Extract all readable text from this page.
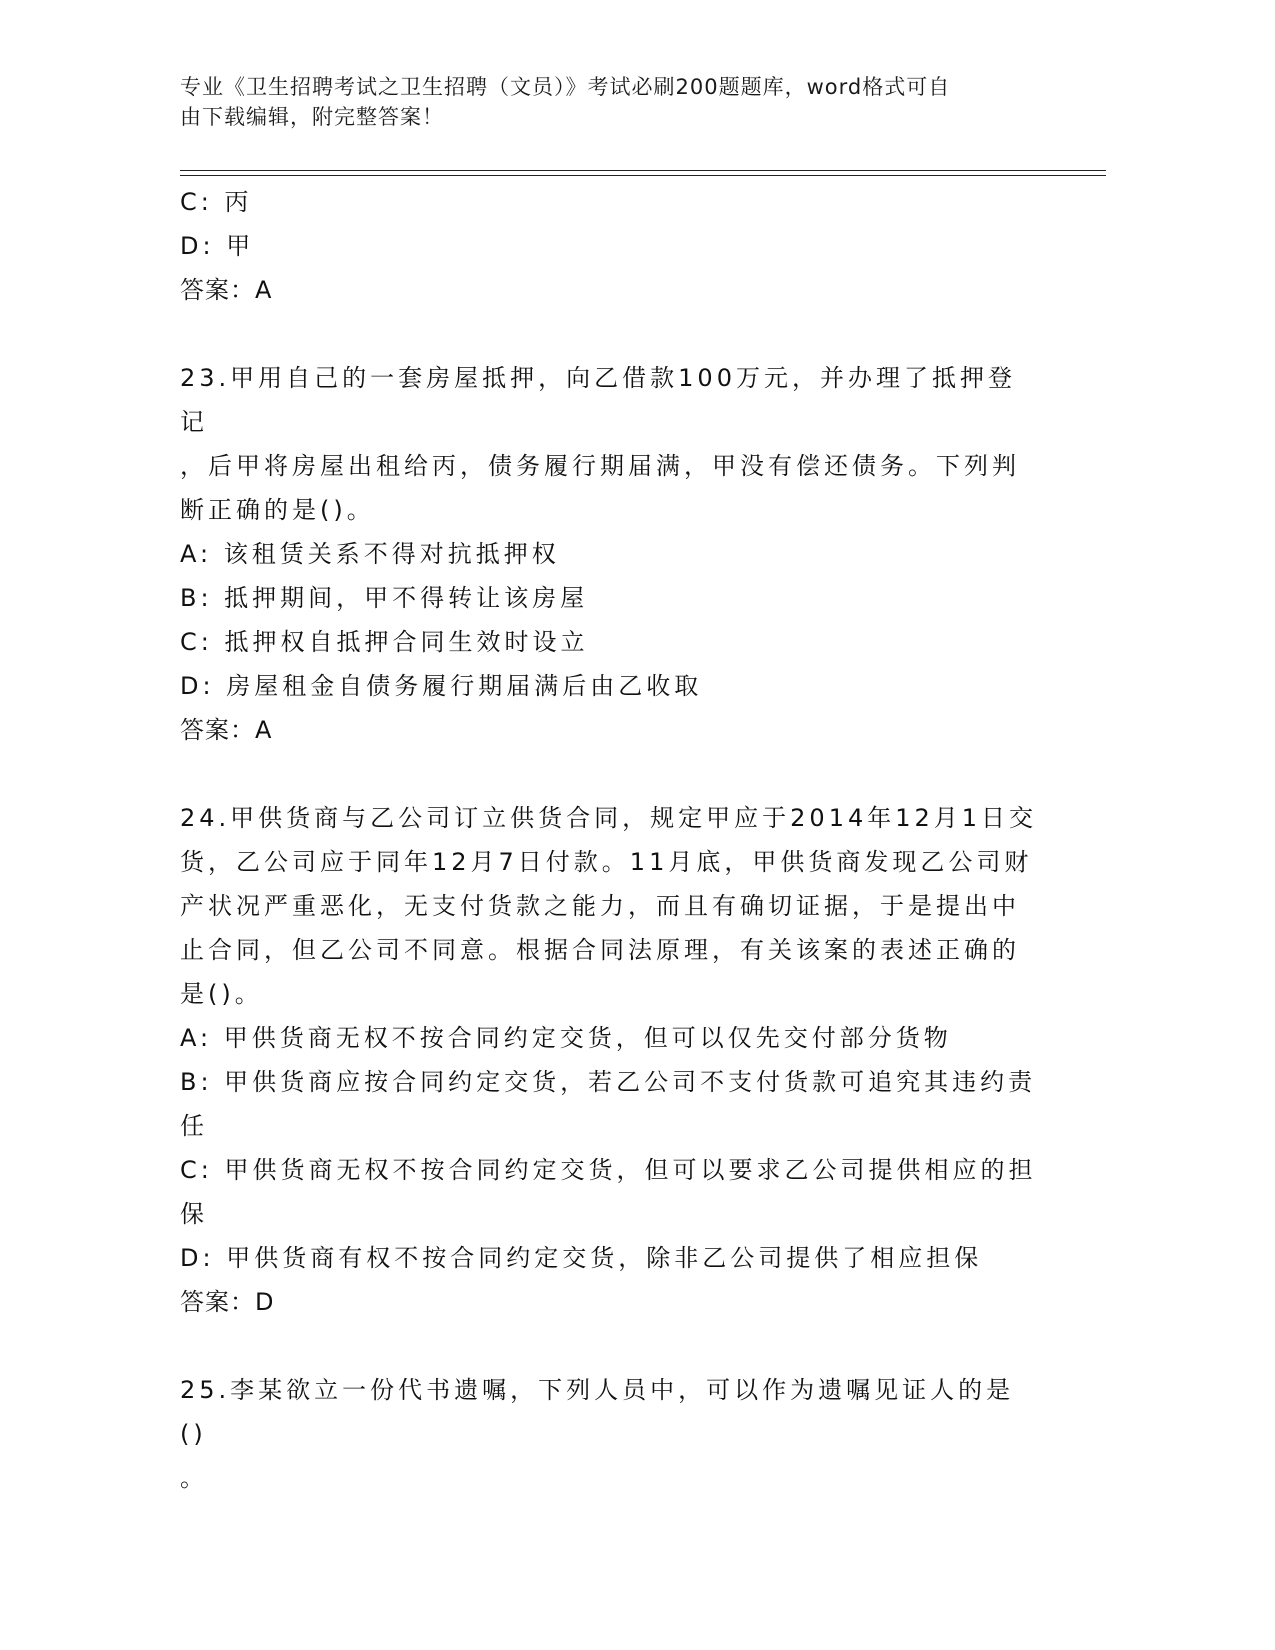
专业《卫生招聘考试之卫生招聘（文员）》考试必刷200题题库，word格式可自
由下载编辑，附完整答案！
C: 丙
D: 甲
答案：A
23.甲用自己的一套房屋抵押，向乙借款100万元，并办理了抵押登记
，后甲将房屋出租给丙，债务履行期届满，甲没有偿还债务。下列判
断正确的是()。
A: 该租赁关系不得对抗抵押权
B: 抵押期间，甲不得转让该房屋
C: 抵押权自抵押合同生效时设立
D: 房屋租金自债务履行期届满后由乙收取
答案：A
24.甲供货商与乙公司订立供货合同，规定甲应于2014年12月1日交
货，乙公司应于同年12月7日付款。11月底，甲供货商发现乙公司财
产状况严重恶化，无支付货款之能力，而且有确切证据，于是提出中
止合同，但乙公司不同意。根据合同法原理，有关该案的表述正确的
是()。
A: 甲供货商无权不按合同约定交货，但可以仅先交付部分货物
B: 甲供货商应按合同约定交货，若乙公司不支付货款可追究其违约责
任
C: 甲供货商无权不按合同约定交货，但可以要求乙公司提供相应的担
保
D: 甲供货商有权不按合同约定交货，除非乙公司提供了相应担保
答案：D
25.李某欲立一份代书遗嘱，下列人员中，可以作为遗嘱见证人的是()
。
